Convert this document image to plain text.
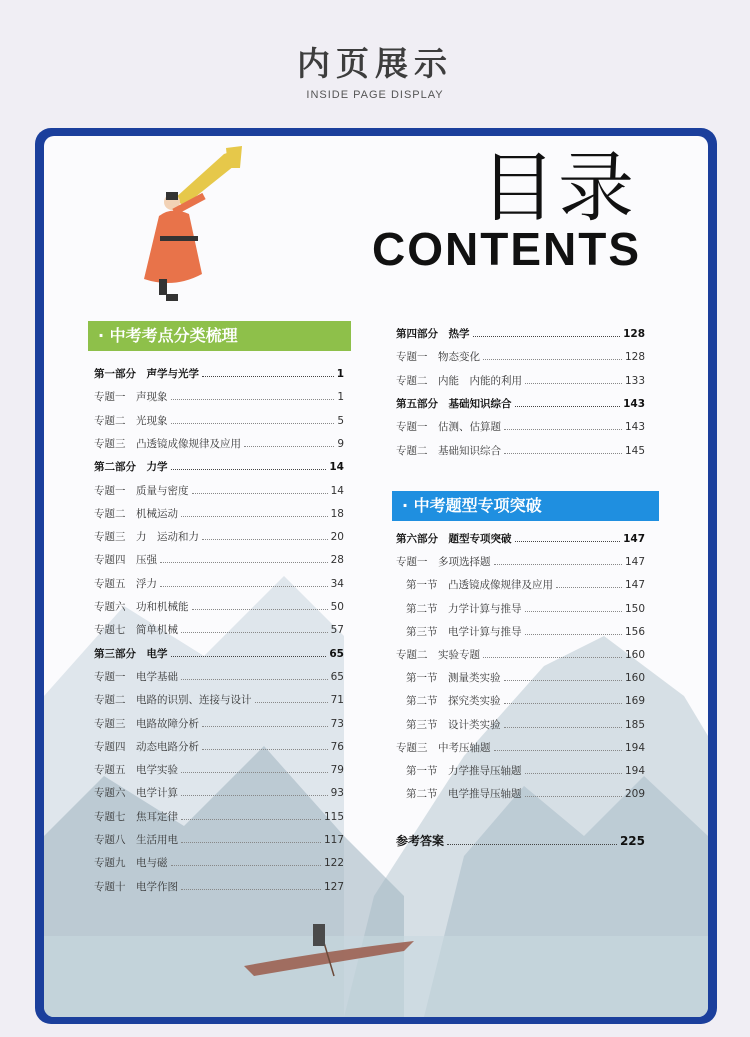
内页展示
INSIDE PAGE DISPLAY
目录
CONTENTS
· 中考考点分类梳理
· 中考题型专项突破
第一部分　声学与光学	1
专题一　声现象	1
专题二　光现象	5
专题三　凸透镜成像规律及应用	9
第二部分　力学	14
专题一　质量与密度	14
专题二　机械运动	18
专题三　力　运动和力	20
专题四　压强	28
专题五　浮力	34
专题六　功和机械能	50
专题七　简单机械	57
第三部分　电学	65
专题一　电学基础	65
专题二　电路的识别、连接与设计	71
专题三　电路故障分析	73
专题四　动态电路分析	76
专题五　电学实验	79
专题六　电学计算	93
专题七　焦耳定律	115
专题八　生活用电	117
专题九　电与磁	122
专题十　电学作图	127
第四部分　热学	128
专题一　物态变化	128
专题二　内能　内能的利用	133
第五部分　基础知识综合	143
专题一　估测、估算题	143
专题二　基础知识综合	145
第六部分　题型专项突破	147
专题一　多项选择题	147
第一节　凸透镜成像规律及应用	147
第二节　力学计算与推导	150
第三节　电学计算与推导	156
专题二　实验专题	160
第一节　测量类实验	160
第二节　探究类实验	169
第三节　设计类实验	185
专题三　中考压轴题	194
第一节　力学推导压轴题	194
第二节　电学推导压轴题	209
参考答案	225
